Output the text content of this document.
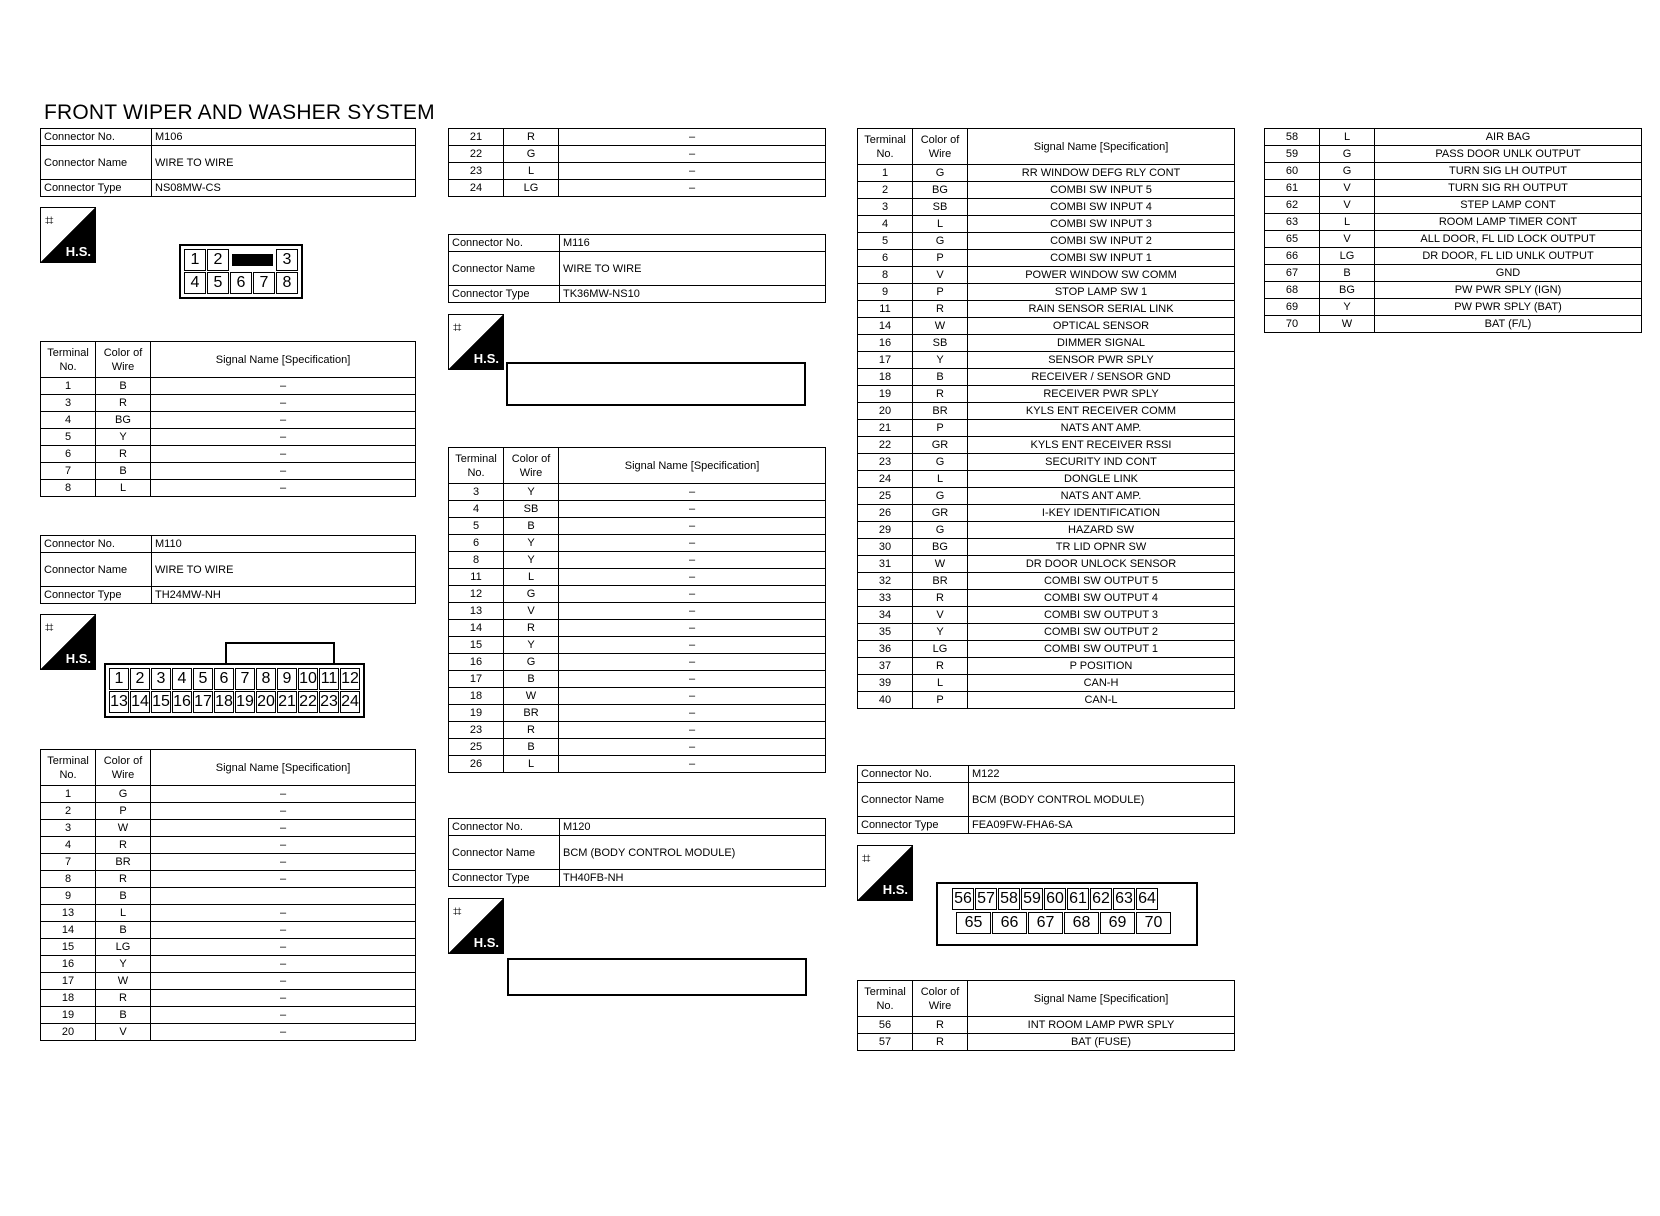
FRONT WIPER AND WASHER SYSTEM
Connector No.	M106
Connector Name	WIRE TO WIRE
Connector Type	NS08MW-CS
⌗
H.S.	1 2	3
4 5 6 7 8
Terminal No.	Color of Wire	Signal Name [Specification]
1	B	–
3	R	–
4	BG	–
5	Y	–
6	R	–
7	B	–
8	L	–
Connector No.	M110
Connector Name	WIRE TO WIRE
Connector Type	TH24MW-NH
⌗
H.S.
1 2 3 4 5 6 7 8 9 10 11 12
13 14 15 16 17 18 19 20 21 22 23 24
Terminal No.	Color of Wire	Signal Name [Specification]
1	G	–
2	P	–
3	W	–
4	R	–
7	BR	–
8	R	–
9	B	
13	L	–
14	B	–
15	LG	–
16	Y	–
17	W	–
18	R	–
19	B	–
20	V	–
21	R	–
22	G	–
23	L	–
24	LG	–
Connector No.	M116
Connector Name	WIRE TO WIRE
Connector Type	TK36MW-NS10
⌗
H.S.
Terminal No.	Color of Wire	Signal Name [Specification]
3	Y	–
4	SB	–
5	B	–
6	Y	–
8	Y	–
11	L	–
12	G	–
13	V	–
14	R	–
15	Y	–
16	G	–
17	B	–
18	W	–
19	BR	–
23	R	–
25	B	–
26	L	–
Connector No.	M120
Connector Name	BCM (BODY CONTROL MODULE)
Connector Type	TH40FB-NH
⌗
H.S.
Terminal No.	Color of Wire	Signal Name [Specification]
1	G	RR WINDOW DEFG RLY CONT
2	BG	COMBI SW INPUT 5
3	SB	COMBI SW INPUT 4
4	L	COMBI SW INPUT 3
5	G	COMBI SW INPUT 2
6	P	COMBI SW INPUT 1
8	V	POWER WINDOW SW COMM
9	P	STOP LAMP SW 1
11	R	RAIN SENSOR SERIAL LINK
14	W	OPTICAL SENSOR
16	SB	DIMMER SIGNAL
17	Y	SENSOR PWR SPLY
18	B	RECEIVER / SENSOR GND
19	R	RECEIVER PWR SPLY
20	BR	KYLS ENT RECEIVER COMM
21	P	NATS ANT AMP.
22	GR	KYLS ENT RECEIVER RSSI
23	G	SECURITY IND CONT
24	L	DONGLE LINK
25	G	NATS ANT AMP.
26	GR	I-KEY IDENTIFICATION
29	G	HAZARD SW
30	BG	TR LID OPNR SW
31	W	DR DOOR UNLOCK SENSOR
32	BR	COMBI SW OUTPUT 5
33	R	COMBI SW OUTPUT 4
34	V	COMBI SW OUTPUT 3
35	Y	COMBI SW OUTPUT 2
36	LG	COMBI SW OUTPUT 1
37	R	P POSITION
39	L	CAN-H
40	P	CAN-L
Connector No.	M122
Connector Name	BCM (BODY CONTROL MODULE)
Connector Type	FEA09FW-FHA6-SA
⌗
H.S.
56 57 58 59 60 61 62 63 64
65	66	67	68	69	70
Terminal No.	Color of Wire	Signal Name [Specification]
56	R	INT ROOM LAMP PWR SPLY
57	R	BAT (FUSE)
58	L	AIR BAG
59	G	PASS DOOR UNLK OUTPUT
60	G	TURN SIG LH OUTPUT
61	V	TURN SIG RH OUTPUT
62	V	STEP LAMP CONT
63	L	ROOM LAMP TIMER CONT
65	V	ALL DOOR, FL LID LOCK OUTPUT
66	LG	DR DOOR, FL LID UNLK OUTPUT
67	B	GND
68	BG	PW PWR SPLY (IGN)
69	Y	PW PWR SPLY (BAT)
70	W	BAT (F/L)
